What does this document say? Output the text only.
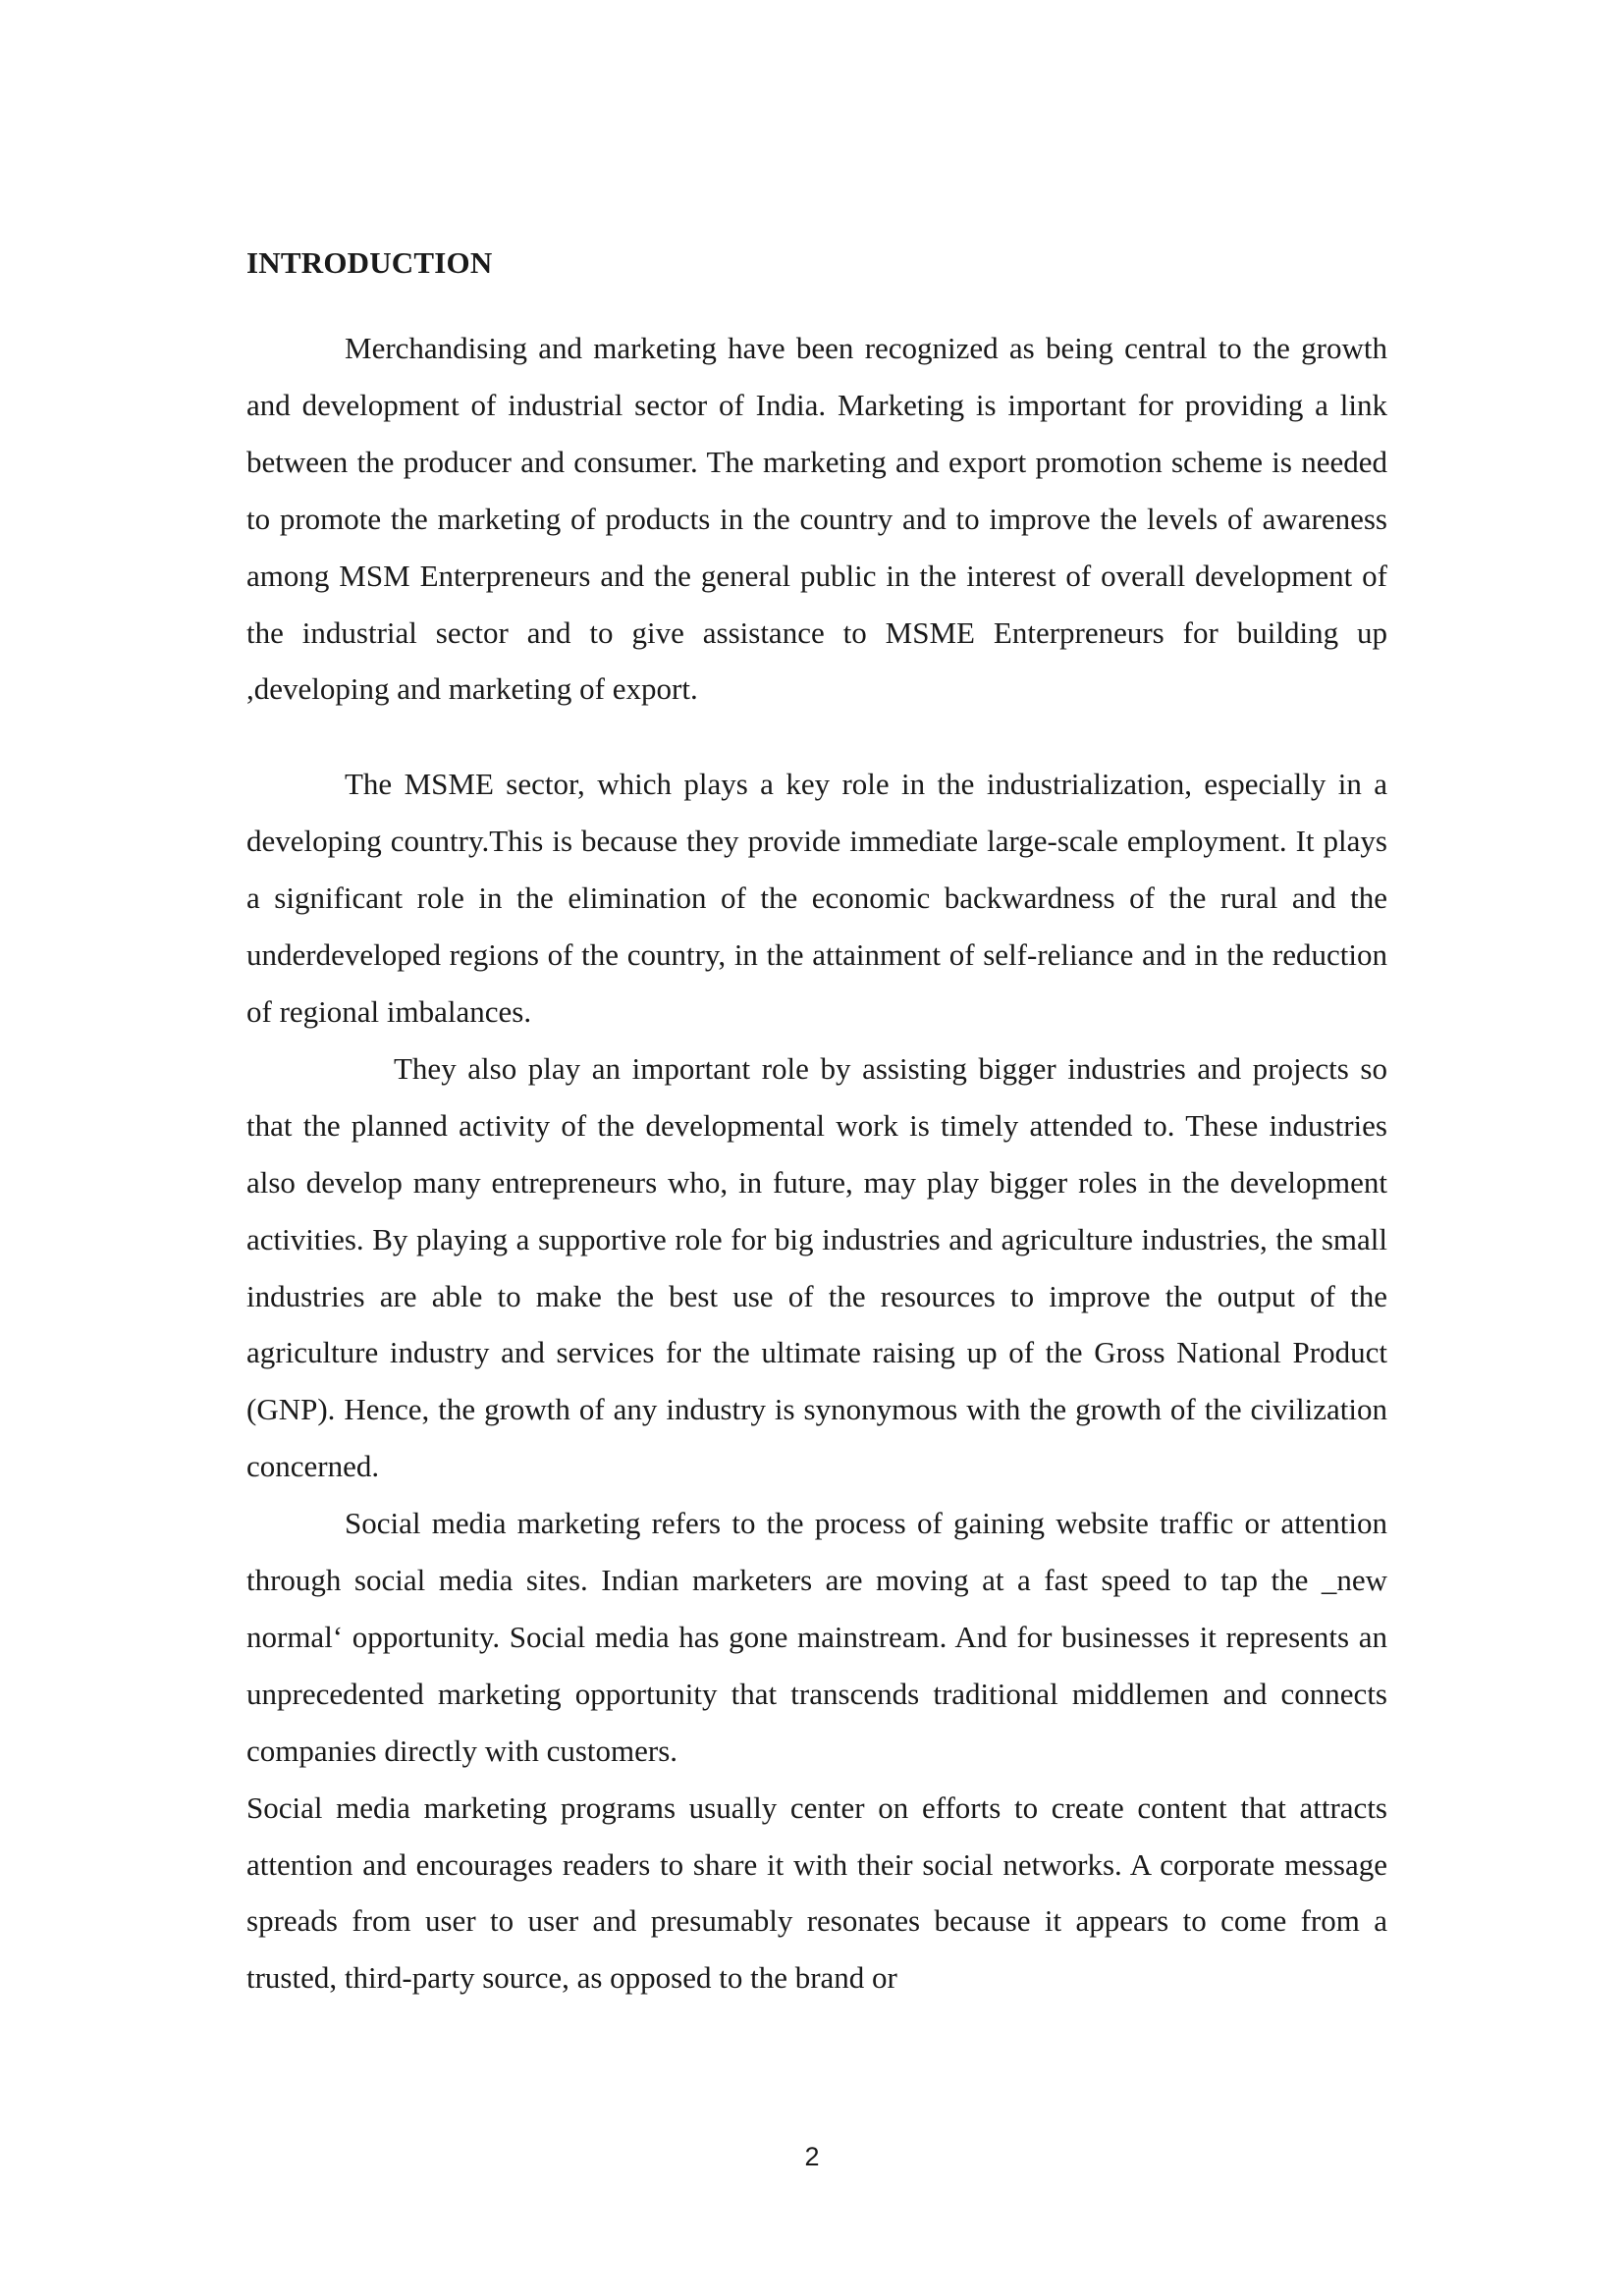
INTRODUCTION

Merchandising and marketing have been recognized as being central to the growth and development of industrial sector of India. Marketing is important for providing a link between the producer and consumer. The marketing and export promotion scheme is needed to promote the marketing of products in the country and to improve the levels of awareness among MSM Enterpreneurs and the general public in the interest of overall development of the industrial sector and to give assistance to MSME Enterpreneurs for building up ,developing and marketing of export.

The MSME sector, which plays a key role in the industrialization, especially in a developing country.This is because they provide immediate large-scale employment. It plays a significant role in the elimination of the economic backwardness of the rural and the underdeveloped regions of the country, in the attainment of self-reliance and in the reduction of regional imbalances.

They also play an important role by assisting bigger industries and projects so that the planned activity of the developmental work is timely attended to. These industries also develop many entrepreneurs who, in future, may play bigger roles in the development activities. By playing a supportive role for big industries and agriculture industries, the small industries are able to make the best use of the resources to improve the output of the agriculture industry and services for the ultimate raising up of the Gross National Product (GNP). Hence, the growth of any industry is synonymous with the growth of the civilization concerned.

Social media marketing refers to the process of gaining website traffic or attention through social media sites. Indian marketers are moving at a fast speed to tap the _new normal‘ opportunity. Social media has gone mainstream. And for businesses it represents an unprecedented marketing opportunity that transcends traditional middlemen and connects companies directly with customers.

Social media marketing programs usually center on efforts to create content that attracts attention and encourages readers to share it with their social networks. A corporate message spreads from user to user and presumably resonates because it appears to come from a trusted, third-party source, as opposed to the brand or

2
